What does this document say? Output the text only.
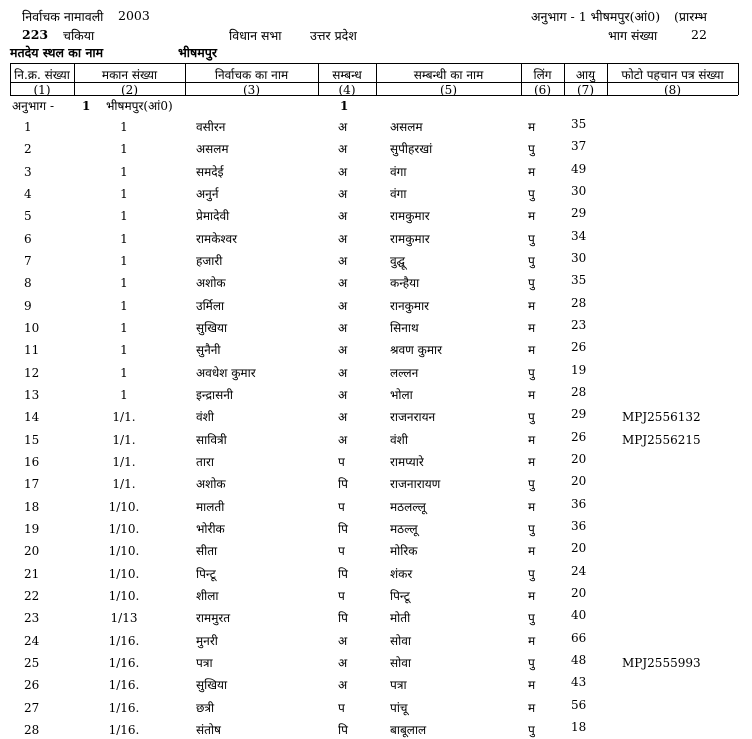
निर्वाचक नामावली 2003
223 चकिया	विधान सभा उत्तर प्रदेश
अनुभाग - 1 भीषमपुर(आं0) (प्रारम्भ
भाग संख्या	22
मतदेय स्थल का नाम	भीषमपुर
नि.क्र. संख्या	मकान संख्या	निर्वाचक का नाम	सम्बन्ध	सम्बन्धी का नाम	लिंग	आयु	फोटो पहचान पत्र संख्या
(1)	(2)	(3)	(4)	(5)	(6)	(7)	(8)
अनुभाग - 1 भीषमपुर(आं0)	1
1	1	वसीरन	अ	असलम	म	35
2	1	असलम	अ	सुपीहरखां	पु	37
3	1	समदेई	अ	वंगा	म	49
4	1	अनुर्न	अ	वंगा	पु	30
5	1	प्रेमादेवी	अ	रामकुमार	म	29
6	1	रामकेश्वर	अ	रामकुमार	पु	34
7	1	हजारी	अ	वुद्घू	पु	30
8	1	अशोक	अ	कन्हैया	पु	35
9	1	उर्मिला	अ	रानकुमार	म	28
10	1	सुखिया	अ	सिनाथ	म	23
11	1	सुनैनी	अ	श्रवण कुमार	म	26
12	1	अवधेश कुमार	अ	लल्लन	पु	19
13	1	इन्द्रासनी	अ	भोला	म	28
14	1/1.	वंशी	अ	राजनरायन	पु	29	MPJ2556132
15	1/1.	सावित्री	अ	वंशी	म	26	MPJ2556215
16	1/1.	तारा	प	रामप्यारे	म	20
17	1/1.	अशोक	पि	राजनारायण	पु	20
18	1/10.	मालती	प	मठलल्लू	म	36
19	1/10.	भोरीक	पि	मठल्लू	पु	36
20	1/10.	सीता	प	मोरिक	म	20
21	1/10.	पिन्टू	पि	शंकर	पु	24
22	1/10.	शीला	प	पिन्टू	म	20
23	1/13	राममुरत	पि	मोती	पु	40
24	1/16.	मुनरी	अ	सोवा	म	66
25	1/16.	पत्रा	अ	सोवा	पु	48	MPJ2555993
26	1/16.	सुखिया	अ	पत्रा	म	43
27	1/16.	छत्री	प	पांचू	म	56
28	1/16.	संतोष	पि	बाबूलाल	पु	18
